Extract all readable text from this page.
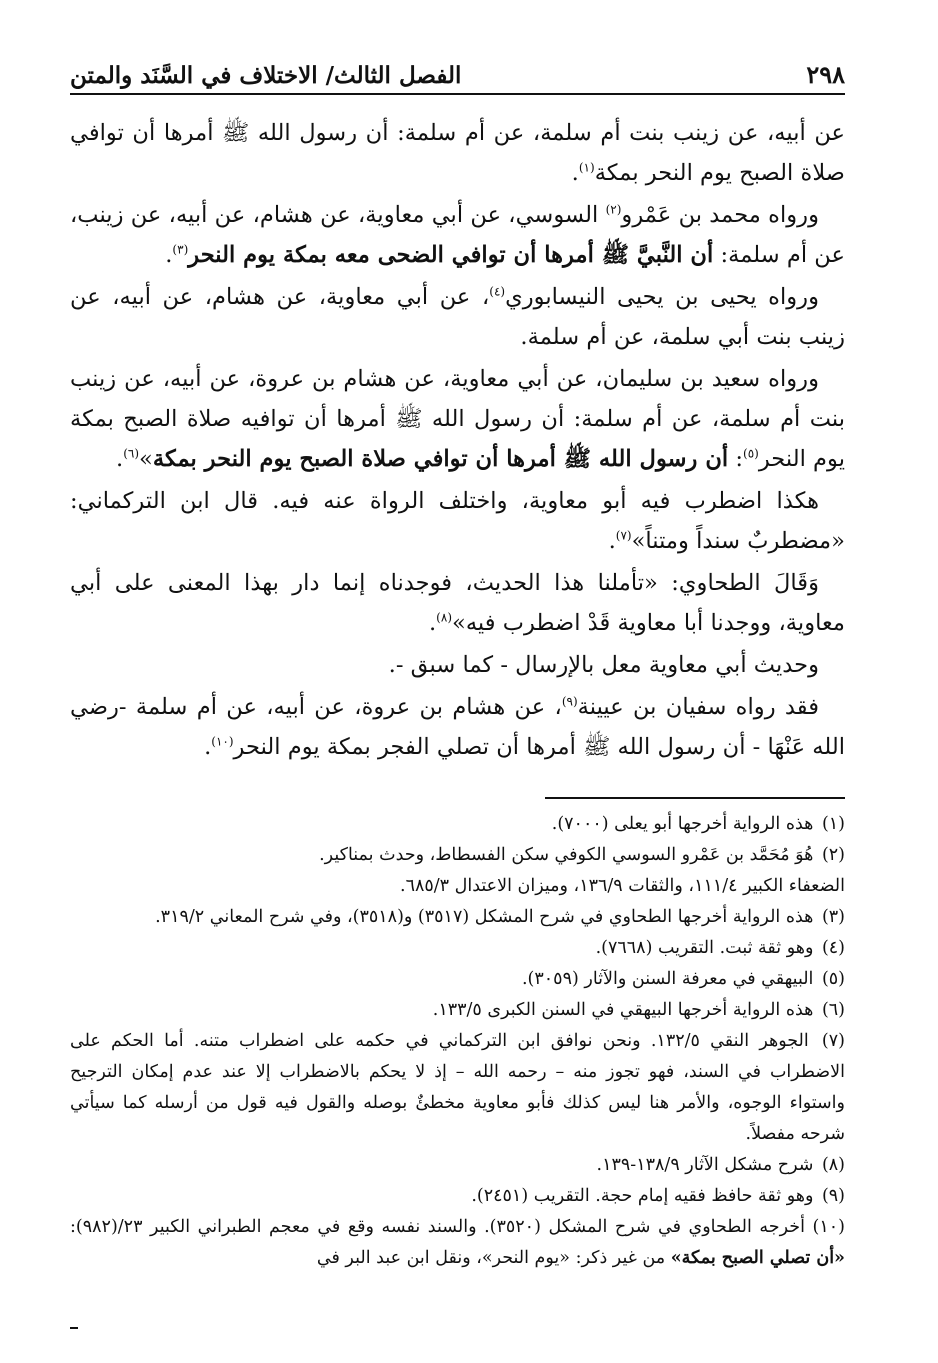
٢٩٨
الفصل الثالث/ الاختلاف في السَّنَد والمتن

عن أبيه، عن زينب بنت أم سلمة، عن أم سلمة: أن رسول الله ﷺ أمرها أن توافي صلاة الصبح يوم النحر بمكة$^{(١)}$.

ورواه محمد بن عَمْرو$^{(٢)}$ السوسي، عن أبي معاوية، عن هشام، عن أبيه، عن زينب، عن أم سلمة: أن النَّبيَّ ﷺ أمرها أن توافي الضحى معه بمكة يوم النحر$^{(٣)}$.

ورواه يحيى بن يحيى النيسابوري$^{(٤)}$، عن أبي معاوية، عن هشام، عن أبيه، عن زينب بنت أبي سلمة، عن أم سلمة.

ورواه سعيد بن سليمان، عن أبي معاوية، عن هشام بن عروة، عن أبيه، عن زينب بنت أم سلمة، عن أم سلمة: أن رسول الله ﷺ أمرها أن توافيه صلاة الصبح بمكة يوم النحر$^{(٥)}$: أن رسول الله ﷺ أمرها أن توافي صلاة الصبح يوم النحر بمكة»$^{(٦)}$.

هكذا اضطرب فيه أبو معاوية، واختلف الرواة عنه فيه. قال ابن التركماني: «مضطربٌ سنداً ومتناً»$^{(٧)}$.

وَقَالَ الطحاوي: «تأملنا هذا الحديث، فوجدناه إنما دار بهذا المعنى على أبي معاوية، ووجدنا أبا معاوية قَدْ اضطرب فيه»$^{(٨)}$.

وحديث أبي معاوية معل بالإرسال - كما سبق -.

فقد رواه سفيان بن عيينة$^{(٩)}$، عن هشام بن عروة، عن أبيه، عن أم سلمة -رضي الله عَنْهَا - أن رسول الله ﷺ أمرها أن تصلي الفجر بمكة يوم النحر$^{(١٠)}$.

(١) هذه الرواية أخرجها أبو يعلى (٧٠٠٠).

(٢) هُوَ مُحَمَّد بن عَمْرو السوسي الكوفي سكن الفسطاط، وحدث بمناكير.

الضعفاء الكبير ١١١/٤، والثقات ١٣٦/٩، وميزان الاعتدال ٦٨٥/٣.

(٣) هذه الرواية أخرجها الطحاوي في شرح المشكل (٣٥١٧) و(٣٥١٨)، وفي شرح المعاني ٣١٩/٢.

(٤) وهو ثقة ثبت. التقريب (٧٦٦٨).

(٥) البيهقي في معرفة السنن والآثار (٣٠٥٩).

(٦) هذه الرواية أخرجها البيهقي في السنن الكبرى ١٣٣/٥.

(٧) الجوهر النقي ١٣٢/٥. ونحن نوافق ابن التركماني في حكمه على اضطراب متنه. أما الحكم على الاضطراب في السند، فهو تجوز منه – رحمه الله – إذ لا يحكم بالاضطراب إلا عند عدم إمكان الترجيح واستواء الوجوه، والأمر هنا ليس كذلك فأبو معاوية مخطئٌ بوصله والقول فيه قول من أرسله كما سيأتي شرحه مفصلاً.

(٨) شرح مشكل الآثار ١٣٨/٩-١٣٩.

(٩) وهو ثقة حافظ فقيه إمام حجة. التقريب (٢٤٥١).

(١٠) أخرجه الطحاوي في شرح المشكل (٣٥٢٠). والسند نفسه وقع في معجم الطبراني الكبير ٢٣/(٩٨٢): «أن تصلي الصبح بمكة» من غير ذكر: «يوم النحر»، ونقل ابن عبد البر في
